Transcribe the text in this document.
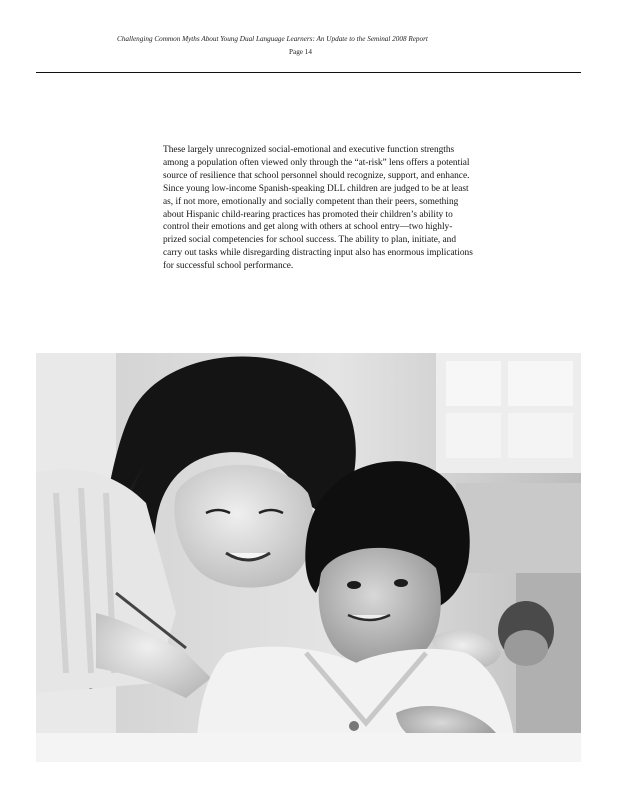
Challenging Common Myths About Young Dual Language Learners: An Update to the Seminal 2008 Report
Page 14
These largely unrecognized social-emotional and executive function strengths among a population often viewed only through the “at-risk” lens offers a potential source of resilience that school personnel should recognize, support, and enhance. Since young low-income Spanish-speaking DLL children are judged to be at least as, if not more, emotionally and socially competent than their peers, something about Hispanic child-rearing practices has promoted their children’s ability to control their emotions and get along with others at school entry—two highly-prized social competencies for school success. The ability to plan, initiate, and carry out tasks while disregarding distracting input also has enormous implications for successful school performance.
